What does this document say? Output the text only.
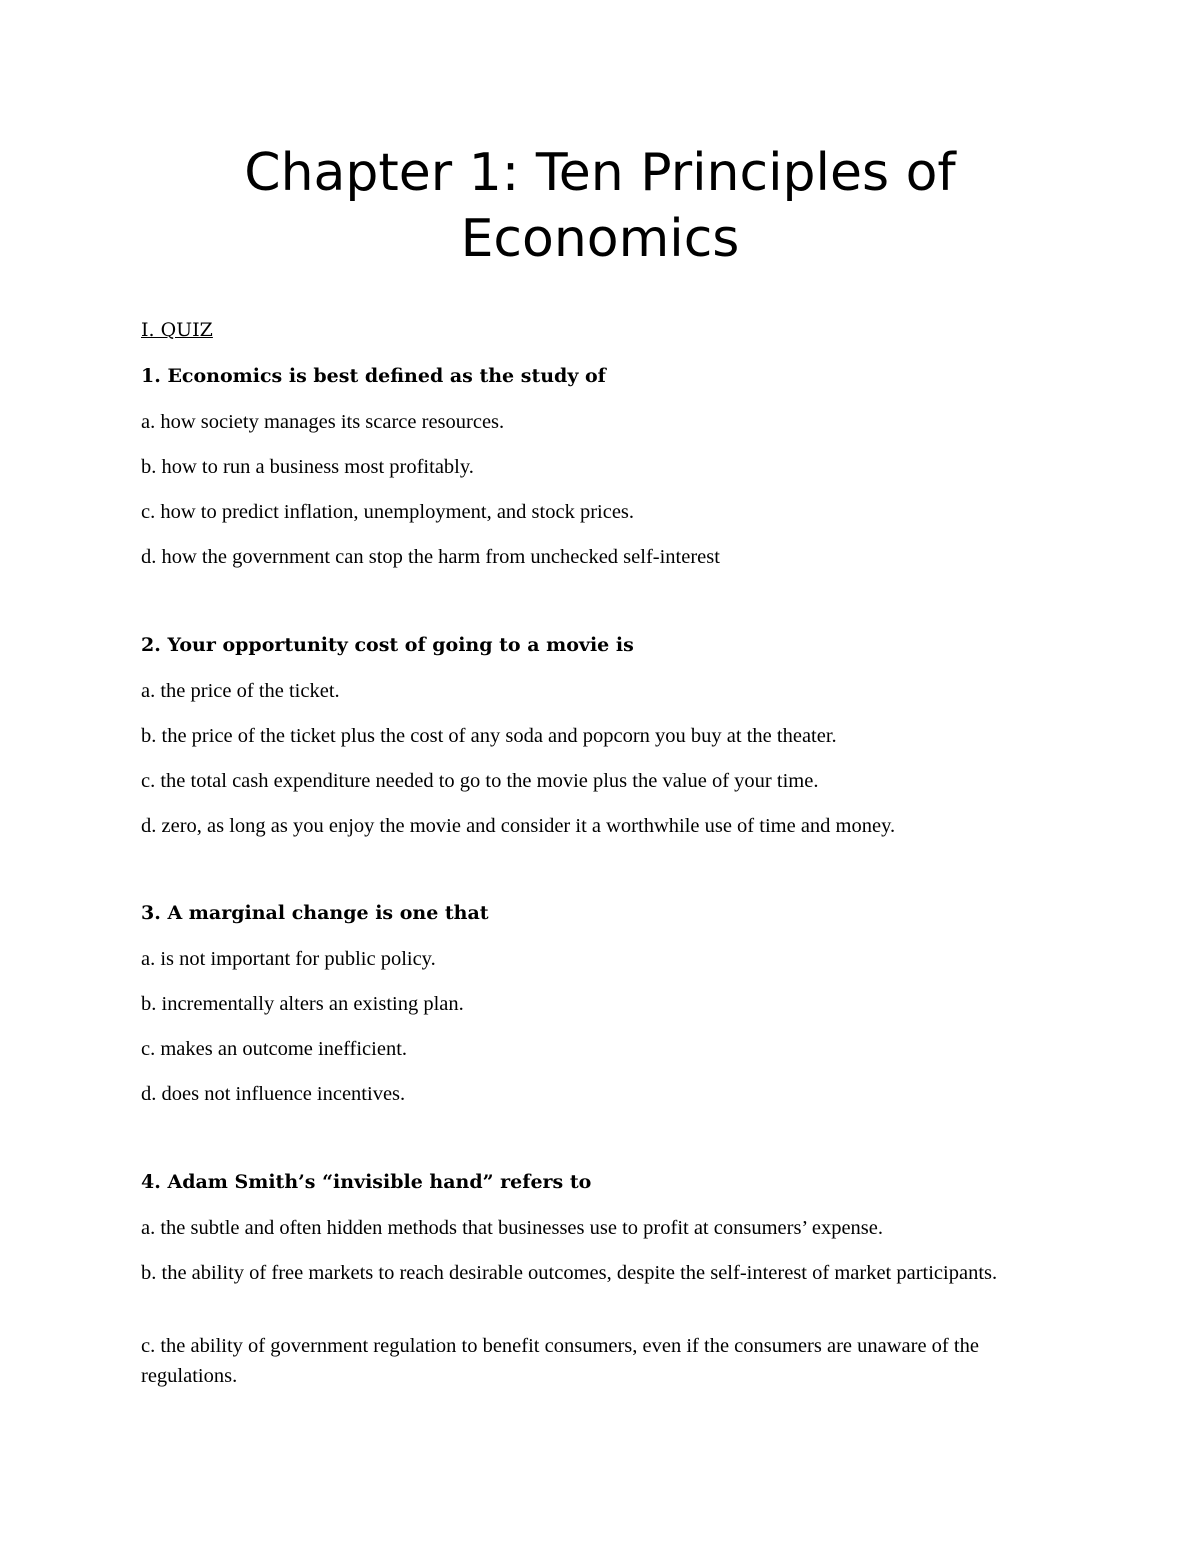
Chapter 1: Ten Principles of
Economics
I. QUIZ

1. Economics is best defined as the study of

a. how society manages its scarce resources.

b. how to run a business most profitably.

c. how to predict inflation, unemployment, and stock prices.

d. how the government can stop the harm from unchecked self-interest

2. Your opportunity cost of going to a movie is

a. the price of the ticket.

b. the price of the ticket plus the cost of any soda and popcorn you buy at the theater.

c. the total cash expenditure needed to go to the movie plus the value of your time.

d. zero, as long as you enjoy the movie and consider it a worthwhile use of time and money.

3. A marginal change is one that

a. is not important for public policy.

b. incrementally alters an existing plan.

c. makes an outcome inefficient.

d. does not influence incentives.

4. Adam Smith’s “invisible hand” refers to

a. the subtle and often hidden methods that businesses use to profit at consumers’ expense.

b. the ability of free markets to reach desirable outcomes, despite the self-interest of market participants.

c. the ability of government regulation to benefit consumers, even if the consumers are unaware of the regulations.
